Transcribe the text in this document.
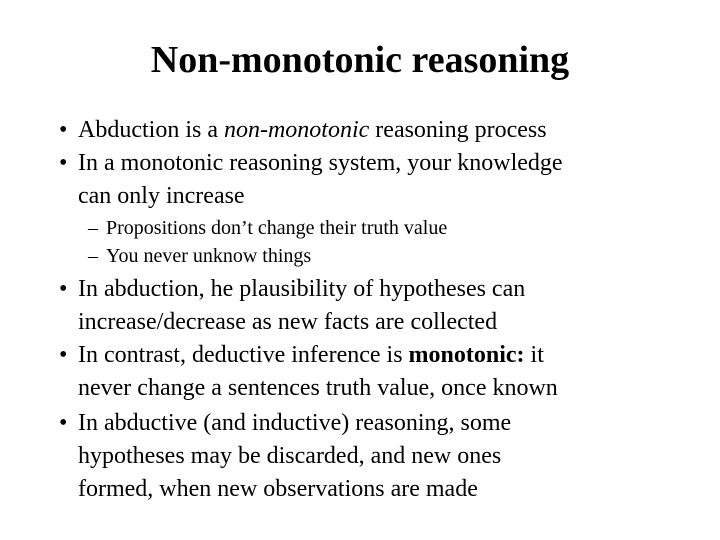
Non-monotonic reasoning
• Abduction is a non-monotonic reasoning process
• In a monotonic reasoning system, your knowledge
can only increase
– Propositions don’t change their truth value
– You never unknow things
• In abduction, he plausibility of hypotheses can
increase/decrease as new facts are collected
• In contrast, deductive inference is monotonic: it
never change a sentences truth value, once known
• In abductive (and inductive) reasoning, some
hypotheses may be discarded, and new ones
formed, when new observations are made
